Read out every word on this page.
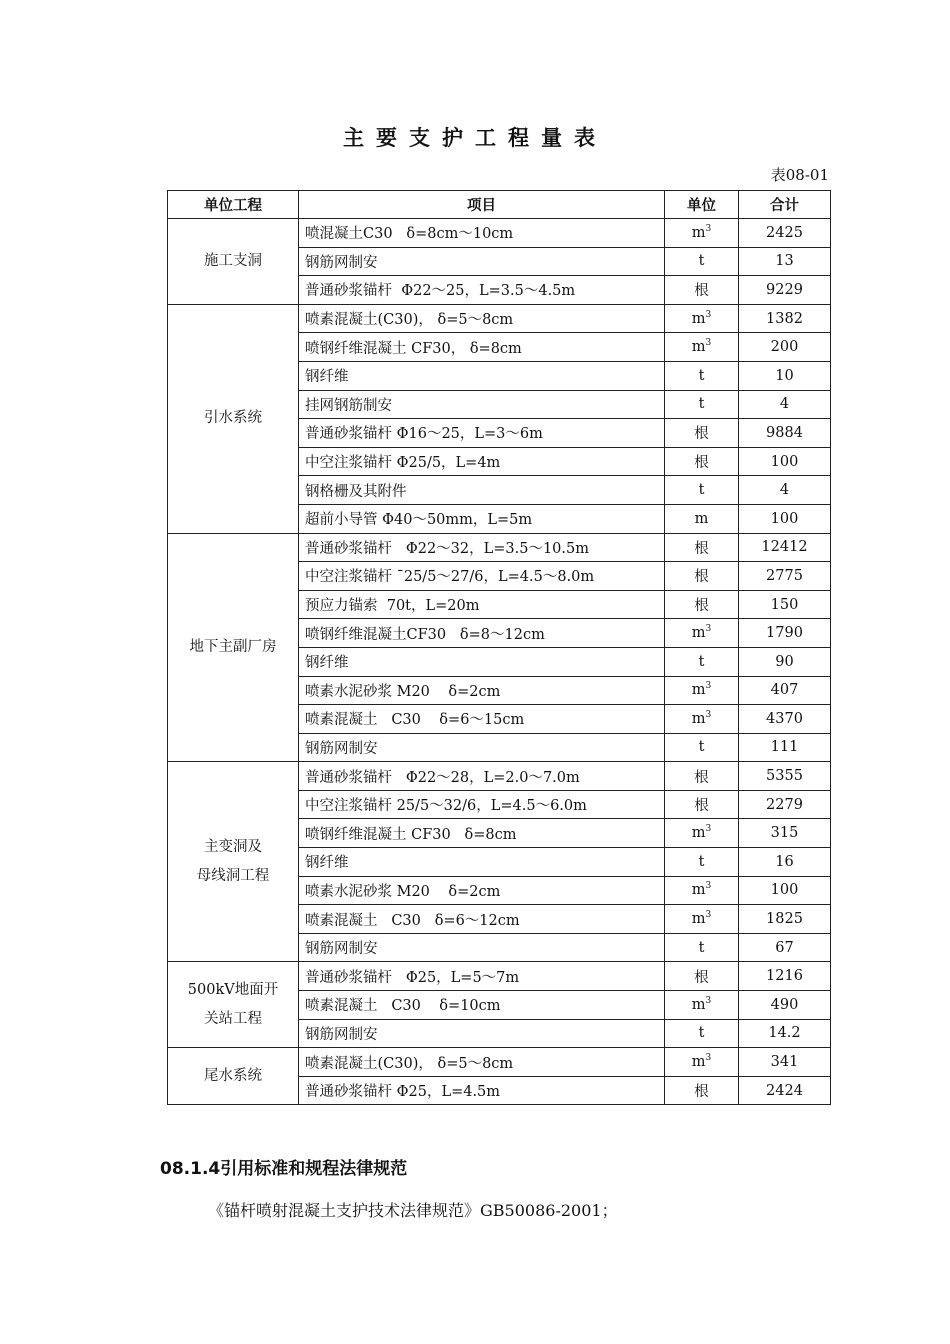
主要支护工程量表
表08-01
单位工程	项目	单位	合计
施工支洞	喷混凝土C30   δ=8cm～10cm	$m^3$	2425
	钢筋网制安	t	13
	普通砂浆锚杆  Φ22～25，L=3.5～4.5m	根	9229
引水系统	喷素混凝土(C30)， δ=5～8cm	$m^3$	1382
	喷钢纤维混凝土 CF30， δ=8cm	$m^3$	200
	钢纤维	t	10
	挂网钢筋制安	t	4
	普通砂浆锚杆 Φ16～25，L=3～6m	根	9884
	中空注浆锚杆 Φ25/5，L=4m	根	100
	钢格栅及其附件	t	4
	超前小导管 Φ40～50mm，L=5m	m	100
地下主副厂房	普通砂浆锚杆   Φ22～32，L=3.5～10.5m	根	12412
	中空注浆锚杆 ¯25/5～27/6，L=4.5～8.0m	根	2775
	预应力锚索  70t，L=20m	根	150
	喷钢纤维混凝土CF30   δ=8～12cm	$m^3$	1790
	钢纤维	t	90
	喷素水泥砂浆 M20    δ=2cm	$m^3$	407
	喷素混凝土   C30    δ=6～15cm	$m^3$	4370
	钢筋网制安	t	111
主变洞及
母线洞工程	普通砂浆锚杆   Φ22～28，L=2.0～7.0m	根	5355
	中空注浆锚杆 25/5～32/6，L=4.5～6.0m	根	2279
	喷钢纤维混凝土 CF30   δ=8cm	$m^3$	315
	钢纤维	t	16
	喷素水泥砂浆 M20    δ=2cm	$m^3$	100
	喷素混凝土   C30   δ=6～12cm	$m^3$	1825
	钢筋网制安	t	67
500kV地面开
关站工程	普通砂浆锚杆   Φ25，L=5～7m	根	1216
	喷素混凝土   C30    δ=10cm	$m^3$	490
	钢筋网制安	t	14.2
尾水系统	喷素混凝土(C30)， δ=5～8cm	$m^3$	341
	普通砂浆锚杆 Φ25，L=4.5m	根	2424
08.1.4引用标准和规程法律规范
《锚杆喷射混凝土支护技术法律规范》GB50086-2001；
